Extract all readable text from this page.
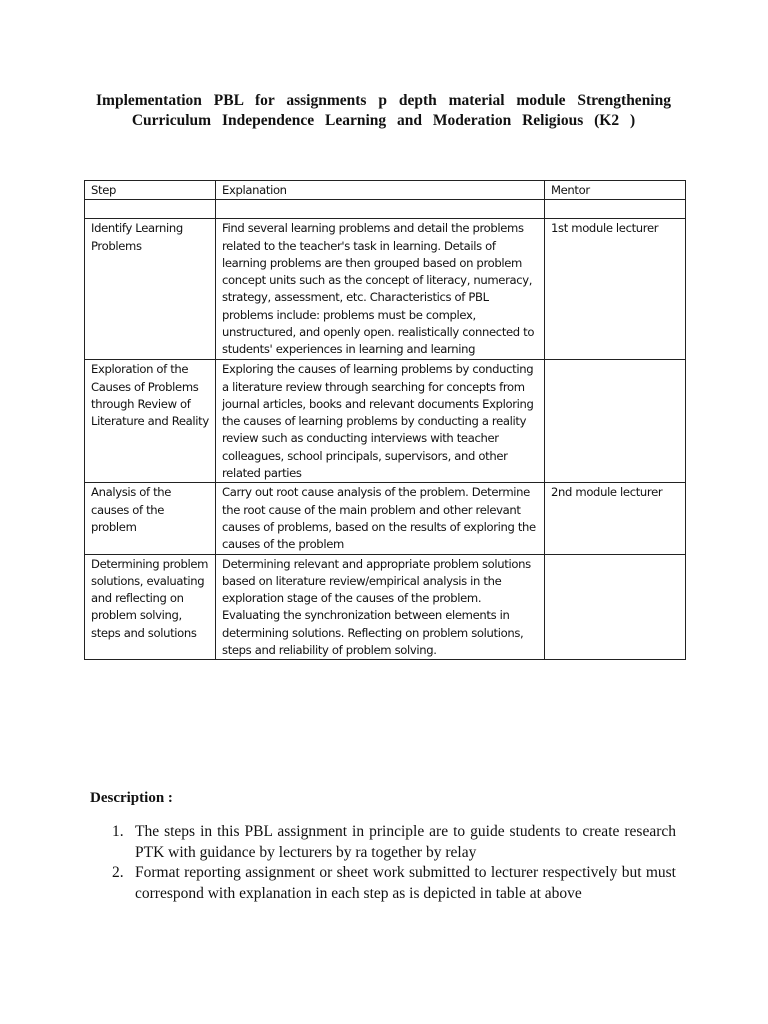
Implementation PBL for assignments p depth material module Strengthening
Curriculum Independence Learning and Moderation Religious (K2 )
Step	Explanation	Mentor

Identify Learning Problems	Find several learning problems and detail the problems related to the teacher's task in learning. Details of learning problems are then grouped based on problem concept units such as the concept of literacy, numeracy, strategy, assessment, etc. Characteristics of PBL problems include: problems must be complex, unstructured, and openly open. realistically connected to students' experiences in learning and learning	1st module lecturer
Exploration of the Causes of Problems through Review of Literature and Reality	Exploring the causes of learning problems by conducting a literature review through searching for concepts from journal articles, books and relevant documents Exploring the causes of learning problems by conducting a reality review such as conducting interviews with teacher colleagues, school principals, supervisors, and other related parties	
Analysis of the causes of the problem	Carry out root cause analysis of the problem. Determine the root cause of the main problem and other relevant causes of problems, based on the results of exploring the causes of the problem	2nd module lecturer
Determining problem solutions, evaluating and reflecting on problem solving, steps and solutions	Determining relevant and appropriate problem solutions based on literature review/empirical analysis in the exploration stage of the causes of the problem. Evaluating the synchronization between elements in determining solutions. Reflecting on problem solutions, steps and reliability of problem solving.	
Description :
1. The steps in this PBL assignment in principle are to guide students to create research PTK with guidance by lecturers by ra together by relay
2. Format reporting assignment or sheet work submitted to lecturer respectively but must correspond with explanation in each step as is depicted in table at above
